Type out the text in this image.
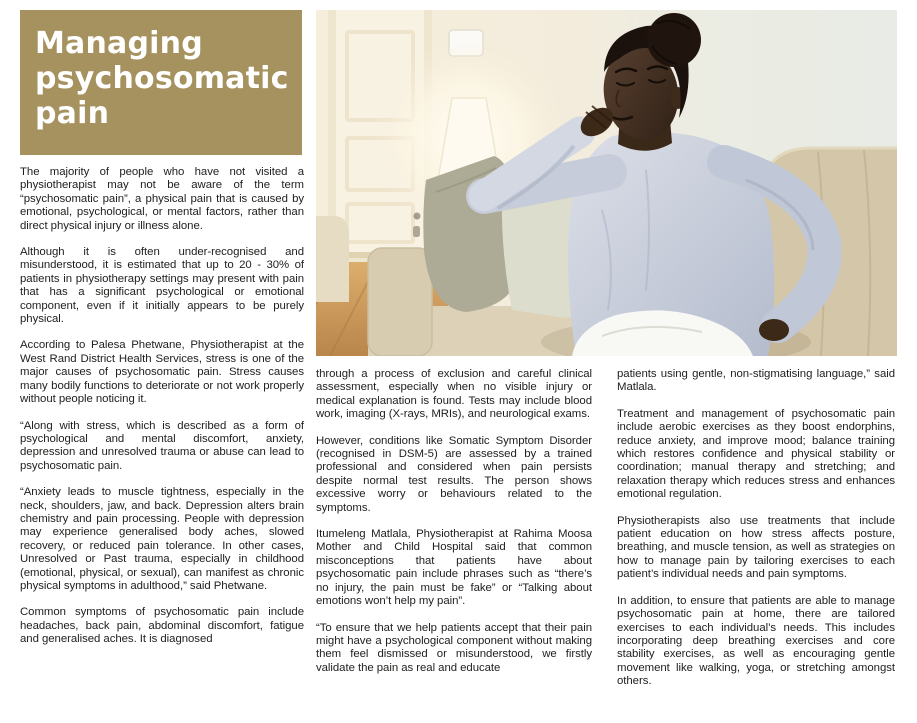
Managing psychosomatic pain

The majority of people who have not visited a physiotherapist may not be aware of the term “psychosomatic pain”, a physical pain that is caused by emotional, psychological, or mental factors, rather than direct physical injury or illness alone.

Although it is often under-recognised and misunderstood, it is estimated that up to 20 - 30% of patients in physiotherapy settings may present with pain that has a significant psychological or emotional component, even if it initially appears to be purely physical.

According to Palesa Phetwane, Physiotherapist at the West Rand District Health Services, stress is one of the major causes of psychosomatic pain. Stress causes many bodily functions to deteriorate or not work properly without people noticing it.

“Along with stress, which is described as a form of psychological and mental discomfort, anxiety, depression and unresolved trauma or abuse can lead to psychosomatic pain.

“Anxiety leads to muscle tightness, especially in the neck, shoulders, jaw, and back. Depression alters brain chemistry and pain processing. People with depression may experience generalised body aches, slowed recovery, or reduced pain tolerance. In other cases, Unresolved or Past trauma, especially in childhood (emotional, physical, or sexual), can manifest as chronic physical symptoms in adulthood,” said Phetwane.

Common symptoms of psychosomatic pain include headaches, back pain, abdominal discomfort, fatigue and generalised aches. It is diagnosed

through a process of exclusion and careful clinical assessment, especially when no visible injury or medical explanation is found. Tests may include blood work, imaging (X-rays, MRIs), and neurological exams.

However, conditions like Somatic Symptom Disorder (recognised in DSM-5) are assessed by a trained professional and considered when pain persists despite normal test results. The person shows excessive worry or behaviours related to the symptoms.

Itumeleng Matlala, Physiotherapist at Rahima Moosa Mother and Child Hospital said that common misconceptions that patients have about psychosomatic pain include phrases such as “there’s no injury, the pain must be fake” or “Talking about emotions won’t help my pain”.

“To ensure that we help patients accept that their pain might have a psychological component without making them feel dismissed or misunderstood, we firstly validate the pain as real and educate

patients using gentle, non-stigmatising language,” said Matlala.

Treatment and management of psychosomatic pain include aerobic exercises as they boost endorphins, reduce anxiety, and improve mood; balance training which restores confidence and physical stability or coordination; manual therapy and stretching; and relaxation therapy which reduces stress and enhances emotional regulation.

Physiotherapists also use treatments that include patient education on how stress affects posture, breathing, and muscle tension, as well as strategies on how to manage pain by tailoring exercises to each patient’s individual needs and pain symptoms.

In addition, to ensure that patients are able to manage psychosomatic pain at home, there are tailored exercises to each individual’s needs. This includes incorporating deep breathing exercises and core stability exercises, as well as encouraging gentle movement like walking, yoga, or stretching amongst others.
